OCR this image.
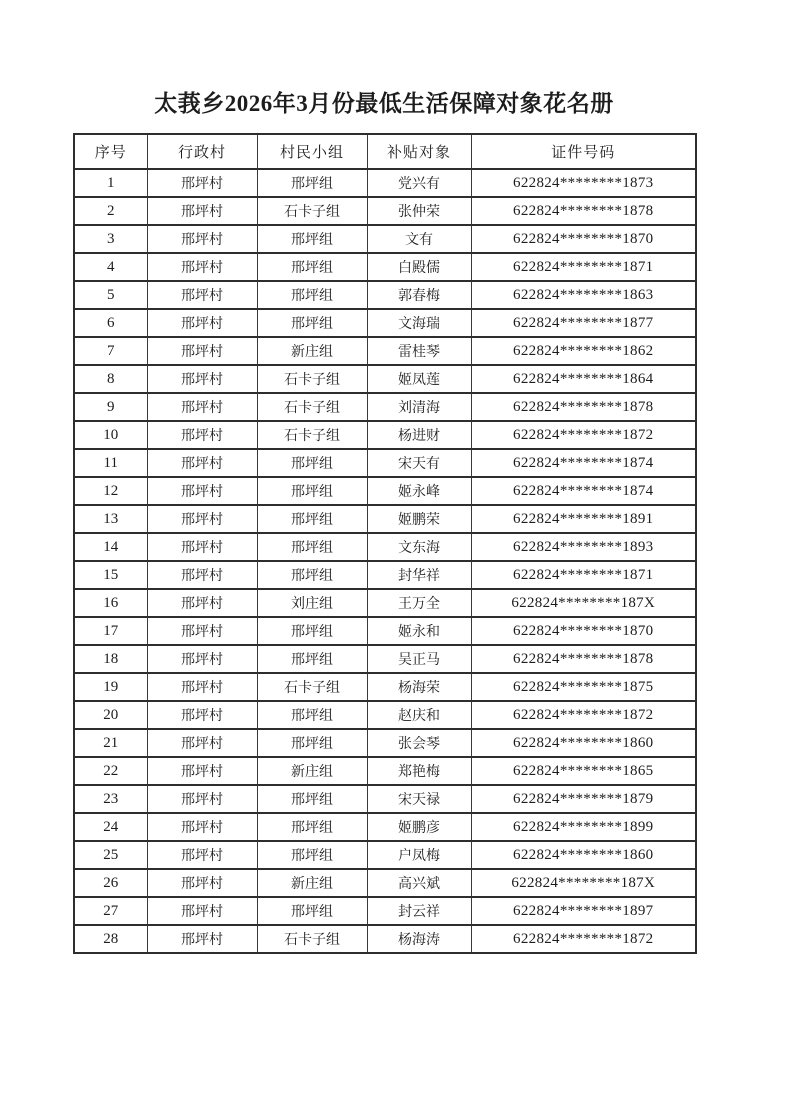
太莪乡2026年3月份最低生活保障对象花名册
序号	行政村	村民小组	补贴对象	证件号码
1	邢坪村	邢坪组	党兴有	622824********1873
2	邢坪村	石卡子组	张仲荣	622824********1878
3	邢坪村	邢坪组	文有	622824********1870
4	邢坪村	邢坪组	白殿儒	622824********1871
5	邢坪村	邢坪组	郭春梅	622824********1863
6	邢坪村	邢坪组	文海瑞	622824********1877
7	邢坪村	新庄组	雷桂琴	622824********1862
8	邢坪村	石卡子组	姬凤莲	622824********1864
9	邢坪村	石卡子组	刘清海	622824********1878
10	邢坪村	石卡子组	杨进财	622824********1872
11	邢坪村	邢坪组	宋天有	622824********1874
12	邢坪村	邢坪组	姬永峰	622824********1874
13	邢坪村	邢坪组	姬鹏荣	622824********1891
14	邢坪村	邢坪组	文东海	622824********1893
15	邢坪村	邢坪组	封华祥	622824********1871
16	邢坪村	刘庄组	王万全	622824********187X
17	邢坪村	邢坪组	姬永和	622824********1870
18	邢坪村	邢坪组	吴正马	622824********1878
19	邢坪村	石卡子组	杨海荣	622824********1875
20	邢坪村	邢坪组	赵庆和	622824********1872
21	邢坪村	邢坪组	张会琴	622824********1860
22	邢坪村	新庄组	郑艳梅	622824********1865
23	邢坪村	邢坪组	宋天禄	622824********1879
24	邢坪村	邢坪组	姬鹏彦	622824********1899
25	邢坪村	邢坪组	户凤梅	622824********1860
26	邢坪村	新庄组	高兴斌	622824********187X
27	邢坪村	邢坪组	封云祥	622824********1897
28	邢坪村	石卡子组	杨海涛	622824********1872
